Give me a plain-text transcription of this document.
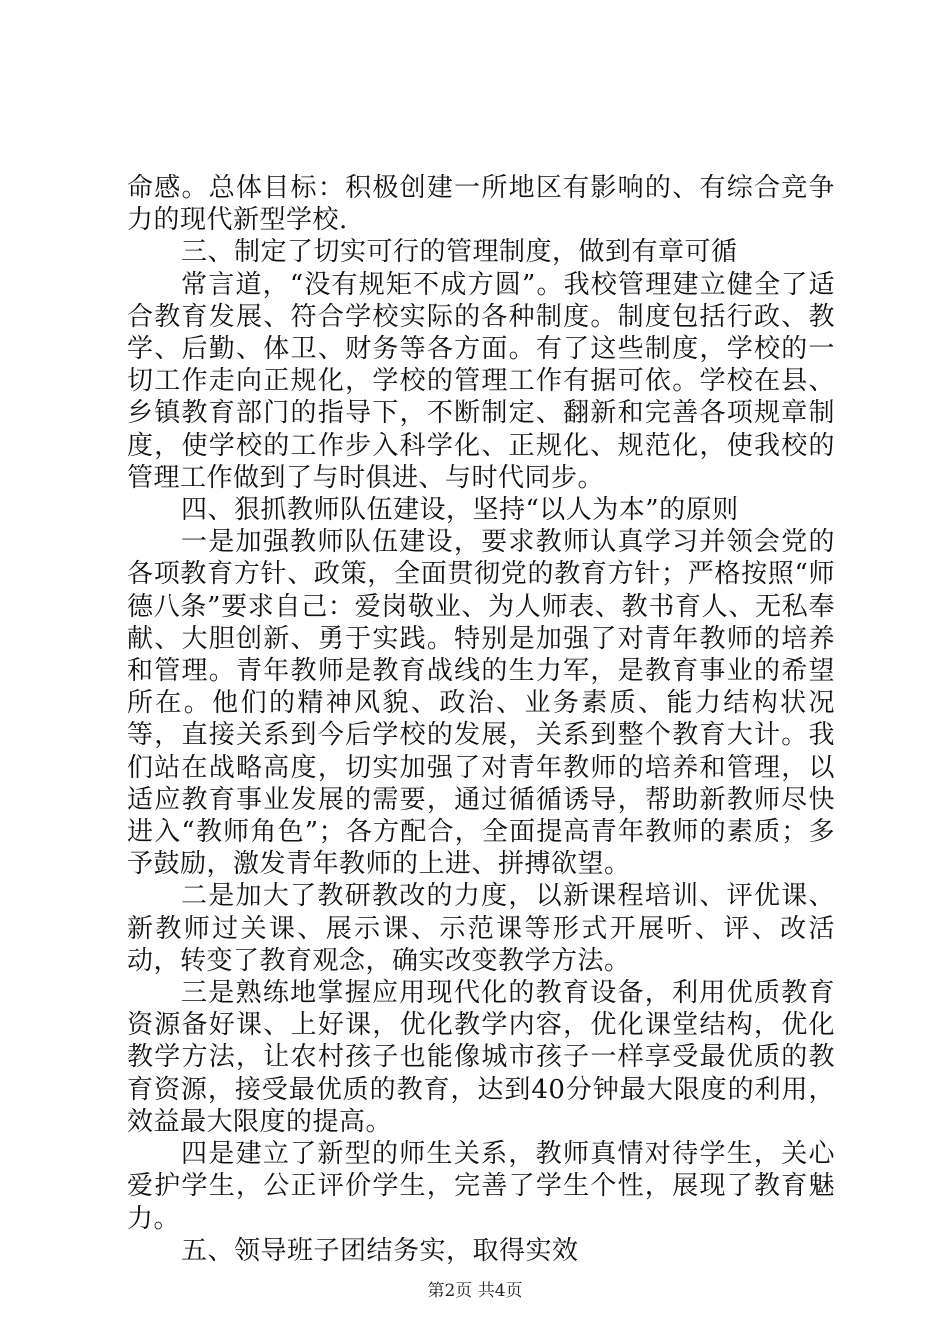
命感。总体目标：积极创建一所地区有影响的、有综合竞争力的现代新型学校.

三、制定了切实可行的管理制度，做到有章可循

常言道，“没有规矩不成方圆”。我校管理建立健全了适合教育发展、符合学校实际的各种制度。制度包括行政、教学、后勤、体卫、财务等各方面。有了这些制度，学校的一切工作走向正规化，学校的管理工作有据可依。学校在县、乡镇教育部门的指导下，不断制定、翻新和完善各项规章制度，使学校的工作步入科学化、正规化、规范化，使我校的管理工作做到了与时俱进、与时代同步。

四、狠抓教师队伍建设，坚持“以人为本”的原则

一是加强教师队伍建设，要求教师认真学习并领会党的各项教育方针、政策，全面贯彻党的教育方针；严格按照“师德八条”要求自己：爱岗敬业、为人师表、教书育人、无私奉献、大胆创新、勇于实践。特别是加强了对青年教师的培养和管理。青年教师是教育战线的生力军，是教育事业的希望所在。他们的精神风貌、政治、业务素质、能力结构状况等，直接关系到今后学校的发展，关系到整个教育大计。我们站在战略高度，切实加强了对青年教师的培养和管理，以适应教育事业发展的需要，通过循循诱导，帮助新教师尽快进入“教师角色”；各方配合，全面提高青年教师的素质；多予鼓励，激发青年教师的上进、拼搏欲望。

二是加大了教研教改的力度，以新课程培训、评优课、新教师过关课、展示课、示范课等形式开展听、评、改活动，转变了教育观念，确实改变教学方法。

三是熟练地掌握应用现代化的教育设备，利用优质教育资源备好课、上好课，优化教学内容，优化课堂结构，优化教学方法，让农村孩子也能像城市孩子一样享受最优质的教育资源，接受最优质的教育，达到40分钟最大限度的利用，效益最大限度的提高。

四是建立了新型的师生关系，教师真情对待学生，关心爱护学生，公正评价学生，完善了学生个性，展现了教育魅力。

五、领导班子团结务实，取得实效

第2页 共4页
